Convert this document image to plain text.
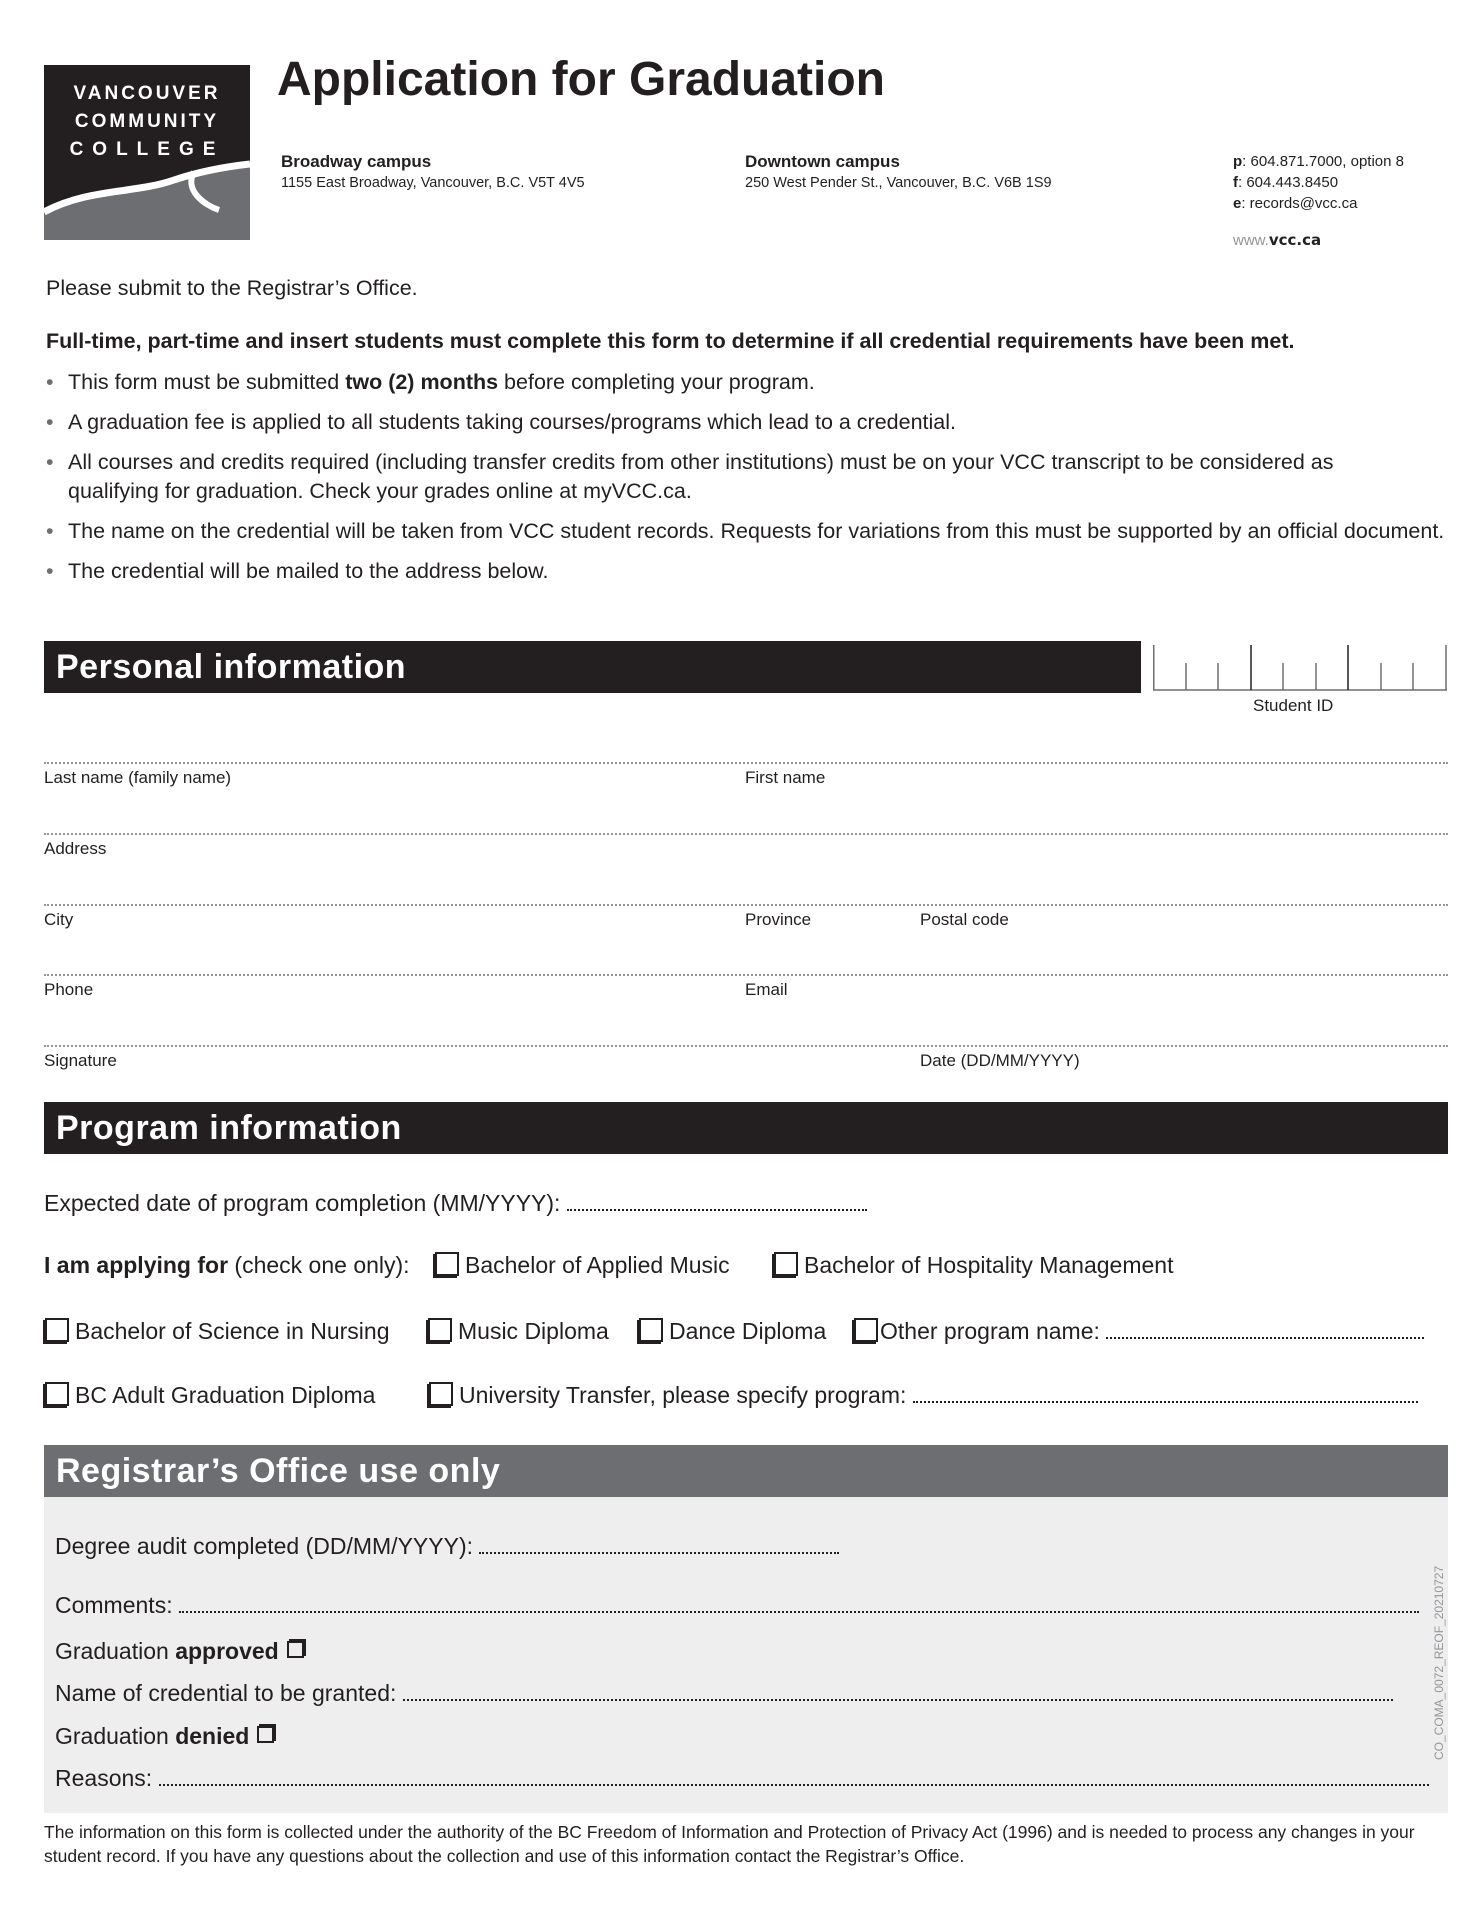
VANCOUVER
COMMUNITY
COLLEGE
Application for Graduation
Broadway campus
1155 East Broadway, Vancouver, B.C. V5T 4V5
Downtown campus
250 West Pender St., Vancouver, B.C. V6B 1S9
p: 604.871.7000, option 8
f: 604.443.8450
e: records@vcc.ca
www.vcc.ca
Please submit to the Registrar’s Office.
Full-time, part-time and insert students must complete this form to determine if all credential requirements have been met.
• This form must be submitted two (2) months before completing your program.
• A graduation fee is applied to all students taking courses/programs which lead to a credential.
• All courses and credits required (including transfer credits from other institutions) must be on your VCC transcript to be considered as qualifying for graduation. Check your grades online at myVCC.ca.
• The name on the credential will be taken from VCC student records. Requests for variations from this must be supported by an official document.
• The credential will be mailed to the address below.
Personal information
Student ID
Last name (family name)	First name
Address
City	Province	Postal code
Phone	Email
Signature	Date (DD/MM/YYYY)
Program information
Expected date of program completion (MM/YYYY):
I am applying for (check one only):	Bachelor of Applied Music	Bachelor of Hospitality Management
Bachelor of Science in Nursing	Music Diploma	Dance Diploma	Other program name:
BC Adult Graduation Diploma	University Transfer, please specify program:
Registrar’s Office use only
Degree audit completed (DD/MM/YYYY):
Comments:
Graduation approved
Name of credential to be granted:
Graduation denied
Reasons:
CO_COMA_0072_REOF_20210727
The information on this form is collected under the authority of the BC Freedom of Information and Protection of Privacy Act (1996) and is needed to process any changes in your student record. If you have any questions about the collection and use of this information contact the Registrar’s Office.
